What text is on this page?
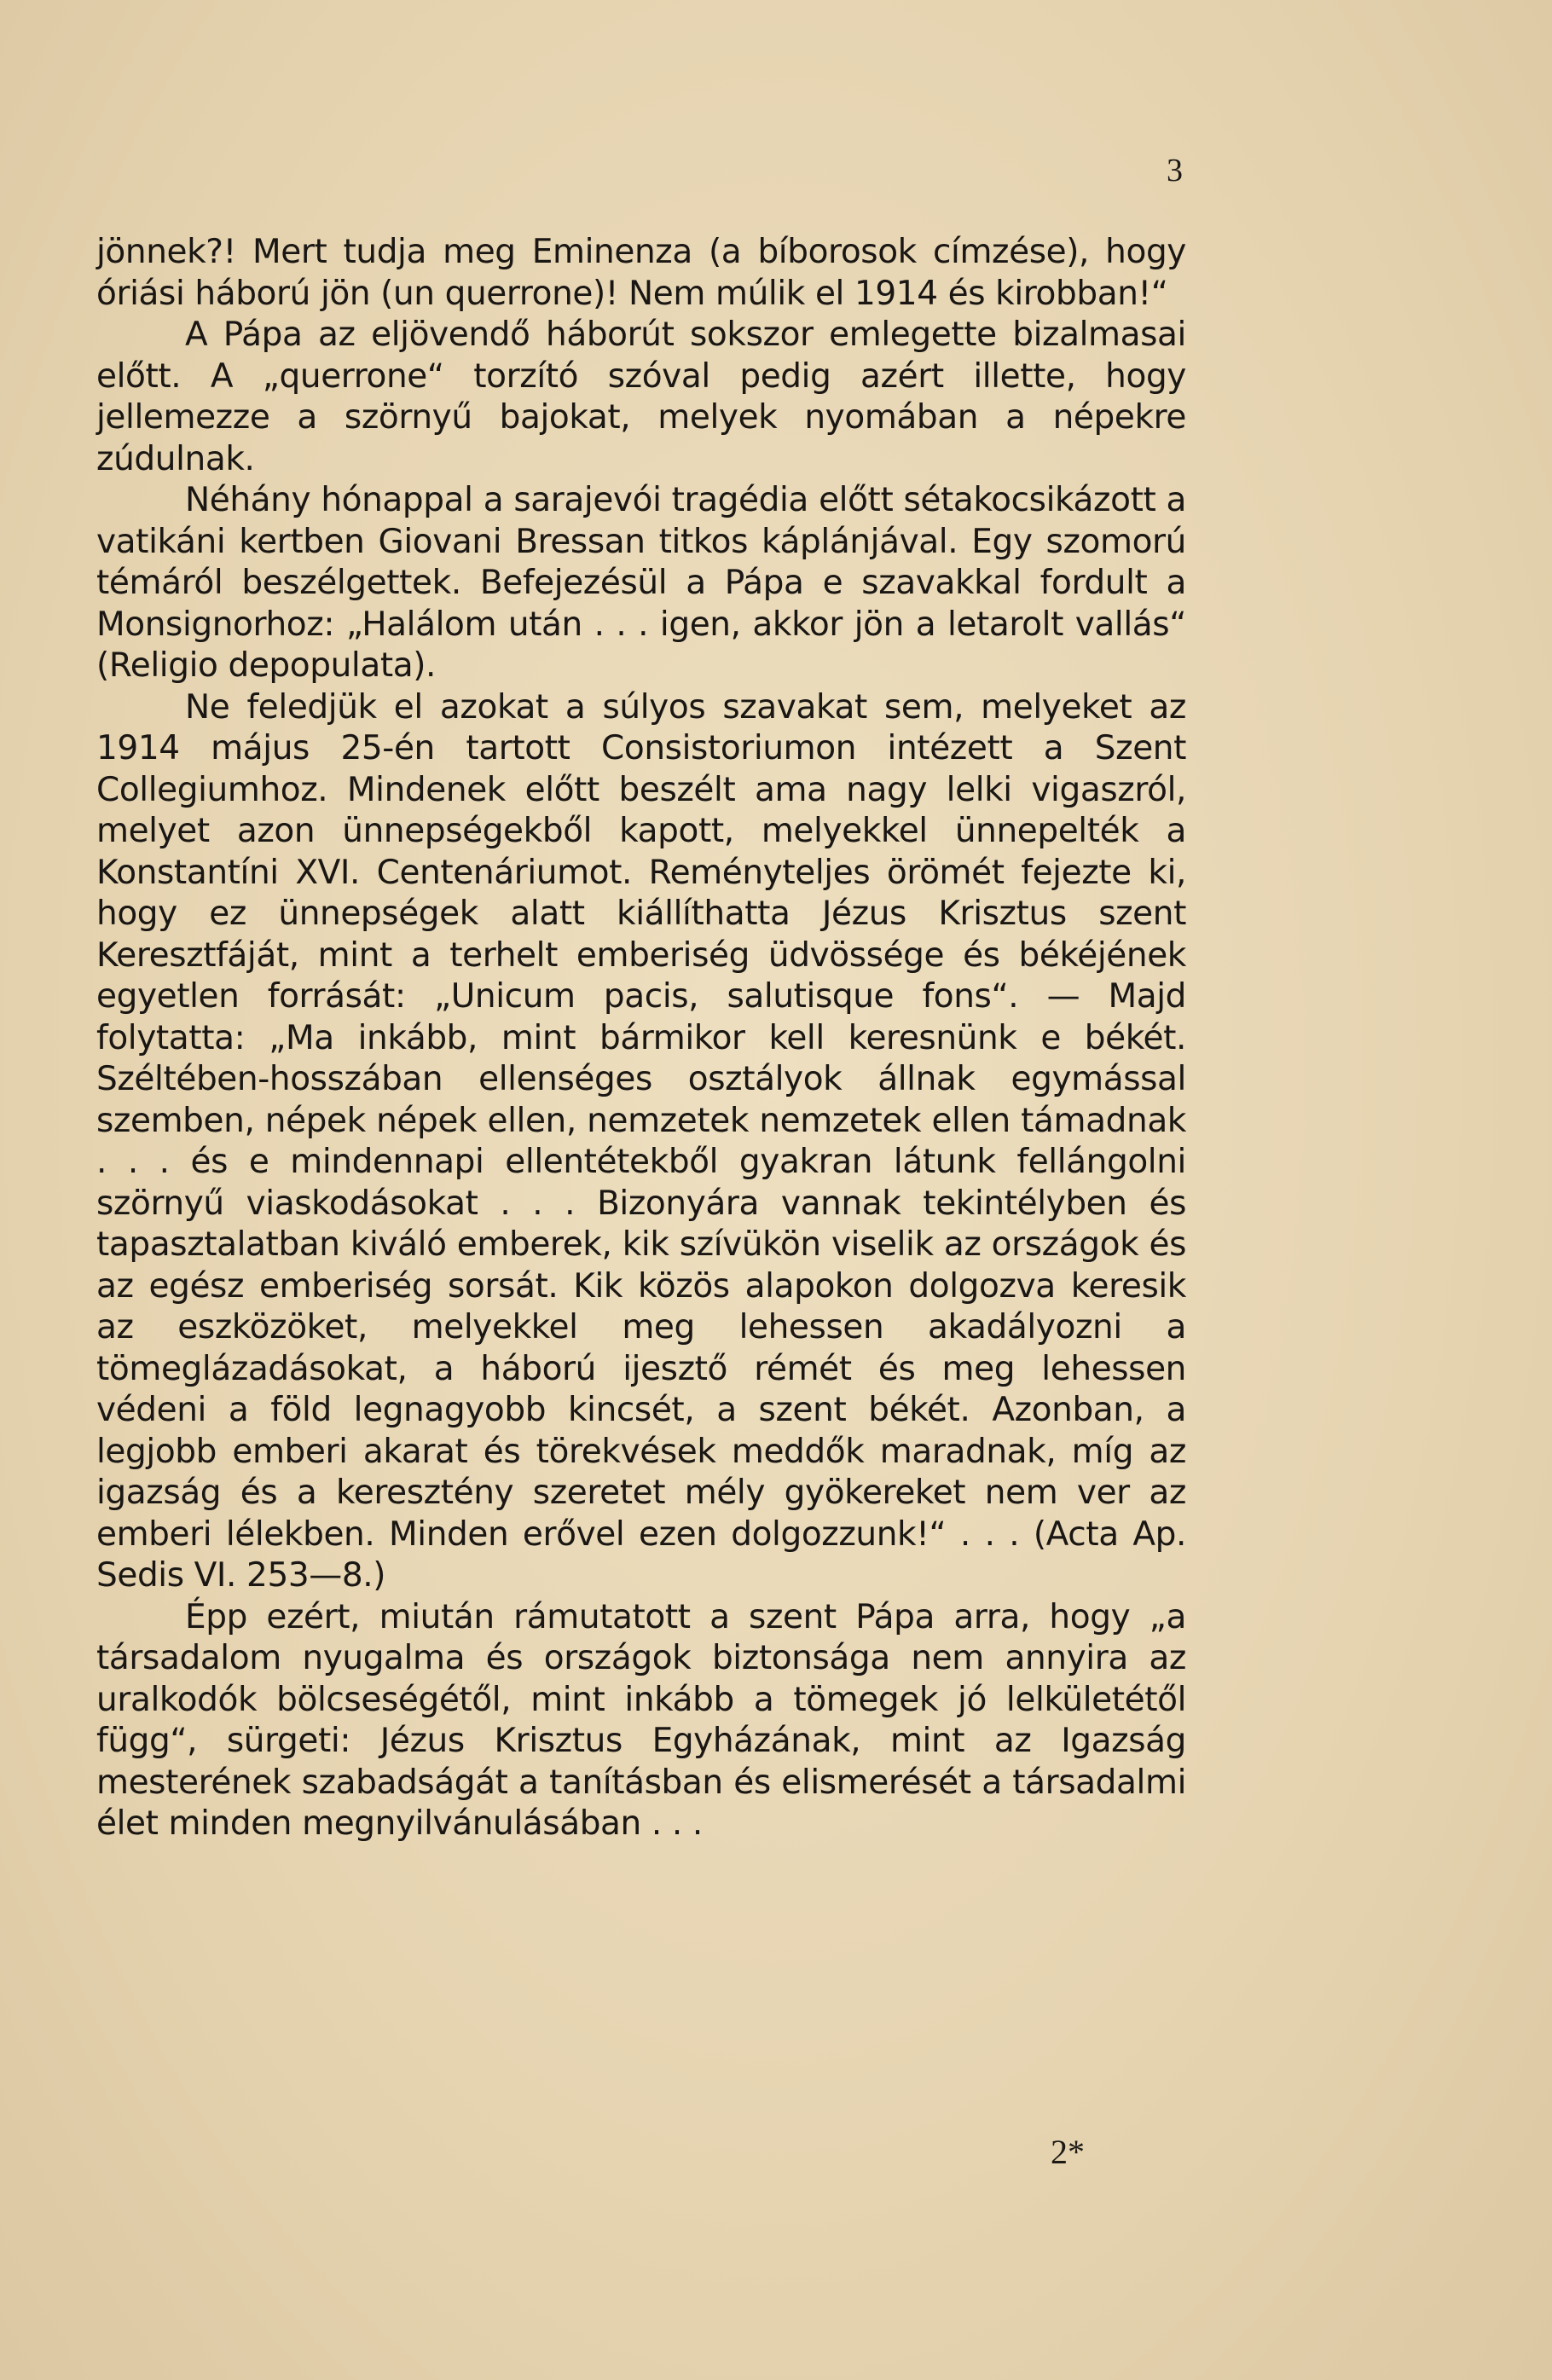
3

jönnek?! Mert tudja meg Eminenza (a bíborosok címzése), hogy óriási háború jön (un querrone)! Nem múlik el 1914 és kirobban!“

A Pápa az eljövendő háborút sokszor emlegette bizalmasai előtt. A „querrone“ torzító szóval pedig azért illette, hogy jellemezze a szörnyű bajokat, melyek nyomában a népekre zúdulnak.

Néhány hónappal a sarajevói tragédia előtt sétakocsikázott a vatikáni kertben Giovani Bressan titkos káplánjával. Egy szomorú témáról beszélgettek. Befejezésül a Pápa e szavakkal fordult a Monsignorhoz: „Halálom után . . . igen, akkor jön a letarolt vallás“ (Religio depopulata).

Ne feledjük el azokat a súlyos szavakat sem, melyeket az 1914 május 25-én tartott Consistoriumon intézett a Szent Collegiumhoz. Mindenek előtt beszélt ama nagy lelki vigaszról, melyet azon ünnepségekből kapott, melyekkel ünnepelték a Konstantíni XVI. Centenáriumot. Reményteljes örömét fejezte ki, hogy ez ünnepségek alatt kiállíthatta Jézus Krisztus szent Keresztfáját, mint a terhelt emberiség üdvössége és békéjének egyetlen forrását: „Unicum pacis, salutisque fons“. — Majd folytatta: „Ma inkább, mint bármikor kell keresnünk e békét. Széltében-hosszában ellenséges osztályok állnak egymással szemben, népek népek ellen, nemzetek nemzetek ellen támadnak . . . és e mindennapi ellentétekből gyakran látunk fellángolni szörnyű viaskodásokat . . . Bizonyára vannak tekintélyben és tapasztalatban kiváló emberek, kik szívükön viselik az országok és az egész emberiség sorsát. Kik közös alapokon dolgozva keresik az eszközöket, melyekkel meg lehessen akadályozni a tömeglázadásokat, a háború ijesztő rémét és meg lehessen védeni a föld legnagyobb kincsét, a szent békét. Azonban, a legjobb emberi akarat és törekvések meddők maradnak, míg az igazság és a keresztény szeretet mély gyökereket nem ver az emberi lélekben. Minden erővel ezen dolgozzunk!“ . . . (Acta Ap. Sedis VI. 253—8.)

Épp ezért, miután rámutatott a szent Pápa arra, hogy „a társadalom nyugalma és országok biztonsága nem annyira az uralkodók bölcseségétől, mint inkább a tömegek jó lelkületétől függ“, sürgeti: Jézus Krisztus Egyházának, mint az Igazság mesterének szabadságát a tanításban és elismerését a társadalmi élet minden megnyilvánulásában . . .

2*
